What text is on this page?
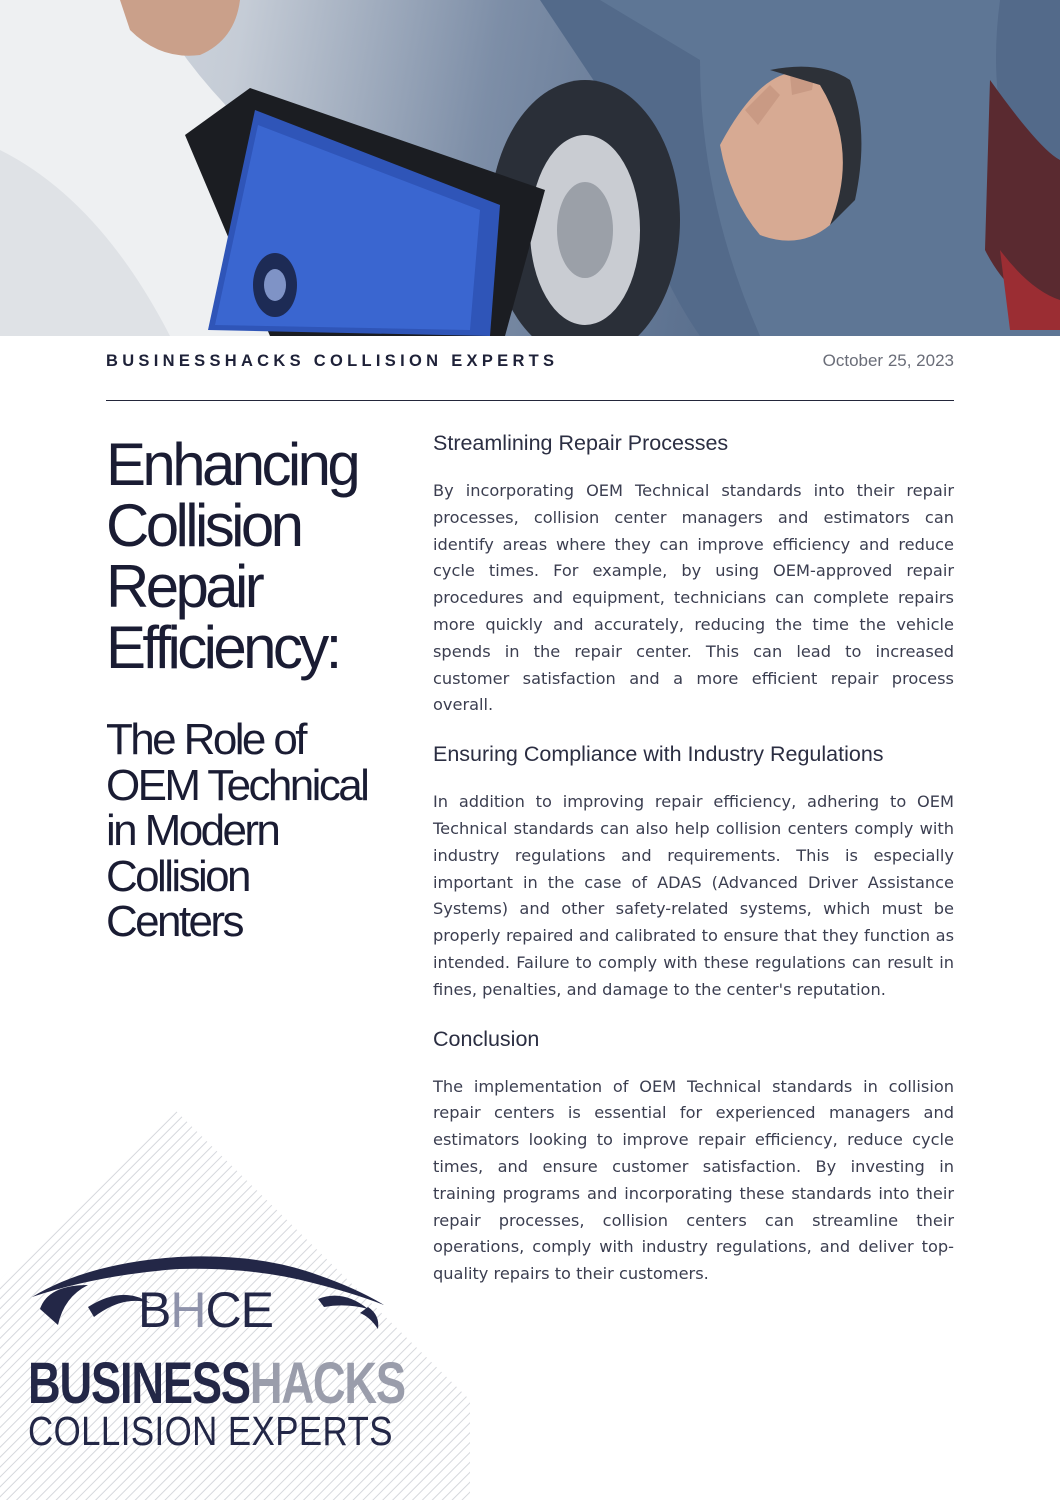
BUSINESSHACKS COLLISION EXPERTS	October 25, 2023
Enhancing
Collision
Repair
Efficiency:
The Role of
OEM Technical
in Modern
Collision
Centers
Streamlining Repair Processes

By incorporating OEM Technical standards into their repair processes, collision center managers and estimators can identify areas where they can improve efficiency and reduce cycle times. For example, by using OEM-approved repair procedures and equipment, technicians can complete repairs more quickly and accurately, reducing the time the vehicle spends in the repair center. This can lead to increased customer satisfaction and a more efficient repair process overall.

Ensuring Compliance with Industry Regulations

In addition to improving repair efficiency, adhering to OEM Technical standards can also help collision centers comply with industry regulations and requirements. This is especially important in the case of ADAS (Advanced Driver Assistance Systems) and other safety-related systems, which must be properly repaired and calibrated to ensure that they function as intended. Failure to comply with these regulations can result in fines, penalties, and damage to the center's reputation.

Conclusion

The implementation of OEM Technical standards in collision repair centers is essential for experienced managers and estimators looking to improve repair efficiency, reduce cycle times, and ensure customer satisfaction. By investing in training programs and incorporating these standards into their repair processes, collision centers can streamline their operations, comply with industry regulations, and deliver top-quality repairs to their customers.

BHCE
BUSINESSHACKS
COLLISION EXPERTS
